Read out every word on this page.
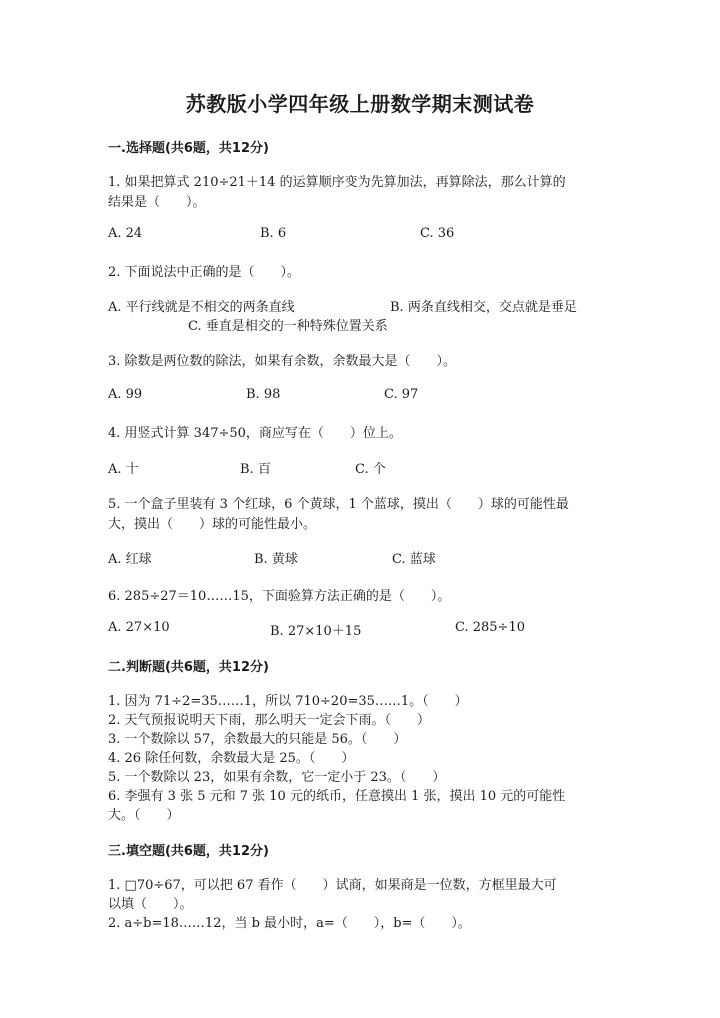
苏教版小学四年级上册数学期末测试卷
一.选择题(共6题，共12分)
1. 如果把算式 210÷21＋14 的运算顺序变为先算加法，再算除法，那么计算的
结果是（　　）。
A. 24	B. 6	C. 36
2. 下面说法中正确的是（　　）。
A. 平行线就是不相交的两条直线	B. 两条直线相交，交点就是垂足
C. 垂直是相交的一种特殊位置关系
3. 除数是两位数的除法，如果有余数，余数最大是（　　）。
A. 99	B. 98	C. 97
4. 用竖式计算 347÷50，商应写在（　　）位上。
A. 十	B. 百	C. 个
5. 一个盒子里装有 3 个红球，6 个黄球，1 个蓝球，摸出（　　）球的可能性最
大，摸出（　　）球的可能性最小。
A. 红球	B. 黄球	C. 蓝球
6. 285÷27＝10……15，下面验算方法正确的是（　　）。
A. 27×10	B. 27×10＋15	C. 285÷10
二.判断题(共6题，共12分)
1. 因为 71÷2=35……1，所以 710÷20=35……1。（　　）
2. 天气预报说明天下雨，那么明天一定会下雨。（　　）
3. 一个数除以 57，余数最大的只能是 56。（　　）
4. 26 除任何数，余数最大是 25。（　　）
5. 一个数除以 23，如果有余数，它一定小于 23。（　　）
6. 李强有 3 张 5 元和 7 张 10 元的纸币，任意摸出 1 张，摸出 10 元的可能性
大。（　　）
三.填空题(共6题，共12分)
1. □70÷67，可以把 67 看作（　　）试商，如果商是一位数，方框里最大可
以填（　　）。
2. a÷b=18……12，当 b 最小时，a=（　　），b=（　　）。
